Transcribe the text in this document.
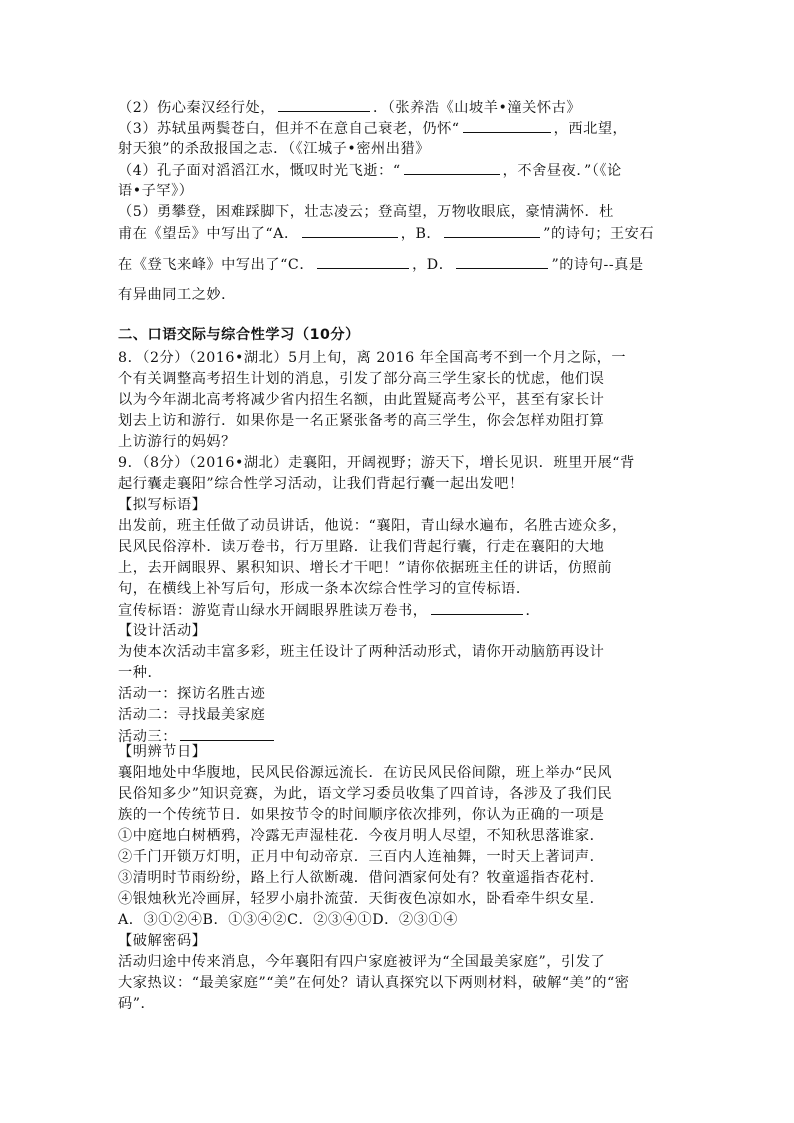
（2）伤心秦汉经行处，	．（张养浩《山坡羊•潼关怀古》
（3）苏轼虽两鬓苍白，但并不在意自己衰老，仍怀“	，西北望，
射天狼”的杀敌报国之志．（《江城子•密州出猎》
（4）孔子面对滔滔江水，慨叹时光飞逝：“	，不舍昼夜．”（《论
语•子罕》）
（5）勇攀登，困难踩脚下，壮志凌云；登高望，万物收眼底，豪情满怀．杜
甫在《望岳》中写出了“A．	，B．	”的诗句；王安石
在《登飞来峰》中写出了“C．	，D．	”的诗句--真是
有异曲同工之妙．
二、口语交际与综合性学习（10分）
8．（2分）（2016•湖北）5月上旬，离 2016 年全国高考不到一个月之际，一
个有关调整高考招生计划的消息，引发了部分高三学生家长的忧虑，他们误
以为今年湖北高考将减少省内招生名额，由此置疑高考公平，甚至有家长计
划去上访和游行．如果你是一名正紧张备考的高三学生，你会怎样劝阻打算
上访游行的妈妈？
9．（8分）（2016•湖北）走襄阳，开阔视野；游天下，增长见识．班里开展“背
起行囊走襄阳”综合性学习活动，让我们背起行囊一起出发吧！
【拟写标语】
出发前，班主任做了动员讲话，他说：“襄阳，青山绿水遍布，名胜古迹众多，
民风民俗淳朴．读万卷书，行万里路．让我们背起行囊，行走在襄阳的大地
上，去开阔眼界、累积知识、增长才干吧！”请你依据班主任的讲话，仿照前
句，在横线上补写后句，形成一条本次综合性学习的宣传标语．
宣传标语：游览青山绿水开阔眼界胜读万卷书，	．
【设计活动】
为使本次活动丰富多彩，班主任设计了两种活动形式，请你开动脑筋再设计
一种．
活动一：探访名胜古迹
活动二：寻找最美家庭
活动三：
【明辨节日】
襄阳地处中华腹地，民风民俗源远流长．在访民风民俗间隙，班上举办“民风
民俗知多少”知识竞赛，为此，语文学习委员收集了四首诗，各涉及了我们民
族的一个传统节日．如果按节令的时间顺序依次排列，你认为正确的一项是
①中庭地白树栖鸦，冷露无声湿桂花．今夜月明人尽望，不知秋思落谁家．
②千门开锁万灯明，正月中旬动帝京．三百内人连袖舞，一时天上著词声．
③清明时节雨纷纷，路上行人欲断魂．借问酒家何处有？牧童遥指杏花村．
④银烛秋光冷画屏，轻罗小扇扑流萤．天街夜色凉如水，卧看牵牛织女星．
A．③①②④B．①③④②C．②③④①D．②③①④
【破解密码】
活动归途中传来消息，今年襄阳有四户家庭被评为“全国最美家庭”，引发了
大家热议：“最美家庭”“美”在何处？请认真探究以下两则材料，破解“美”的“密
码”．
